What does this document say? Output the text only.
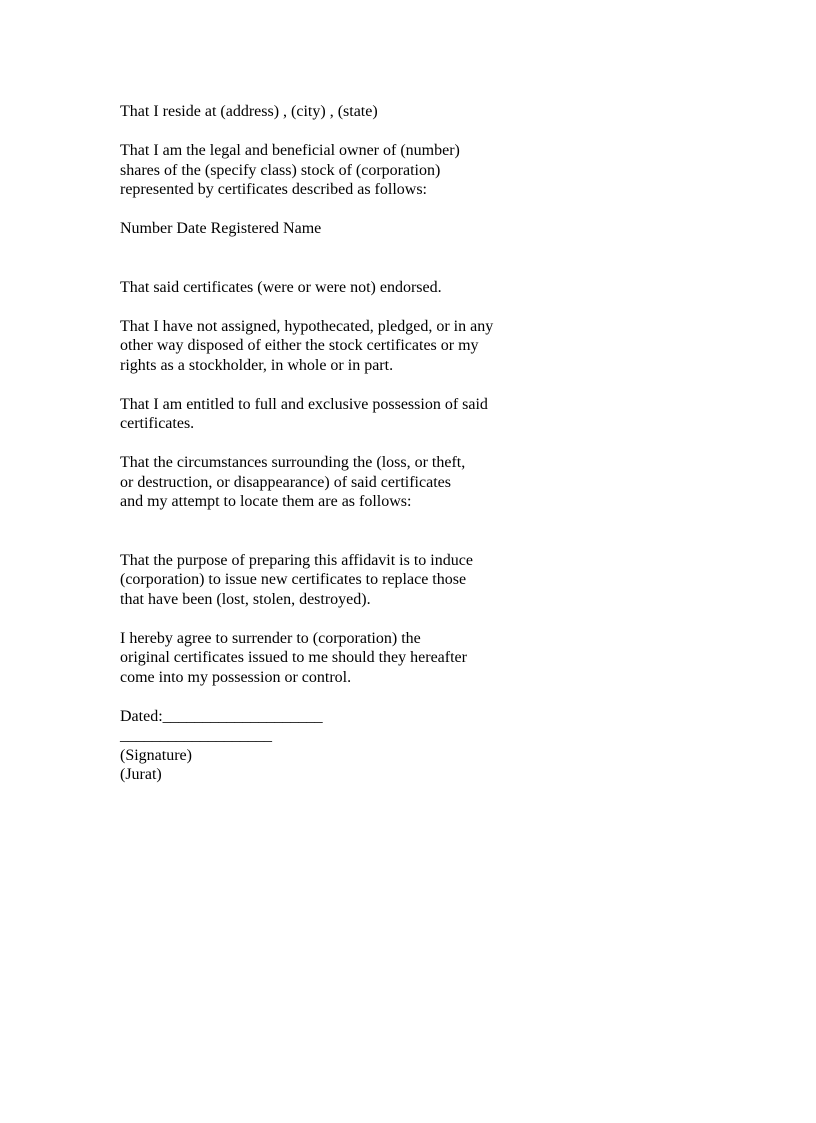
That I reside at (address) , (city) , (state)

That I am the legal and beneficial owner of (number)
shares of the (specify class) stock of (corporation)
represented by certificates described as follows:

Number Date Registered Name

That said certificates (were or were not) endorsed.

That I have not assigned, hypothecated, pledged, or in any
other way disposed of either the stock certificates or my
rights as a stockholder, in whole or in part.

That I am entitled to full and exclusive possession of said
certificates.

That the circumstances surrounding the (loss, or theft,
or destruction, or disappearance) of said certificates
and my attempt to locate them are as follows:

That the purpose of preparing this affidavit is to induce
(corporation) to issue new certificates to replace those
that have been (lost, stolen, destroyed).

I hereby agree to surrender to (corporation) the
original certificates issued to me should they hereafter
come into my possession or control.

Dated:____________________
___________________
(Signature)
(Jurat)
